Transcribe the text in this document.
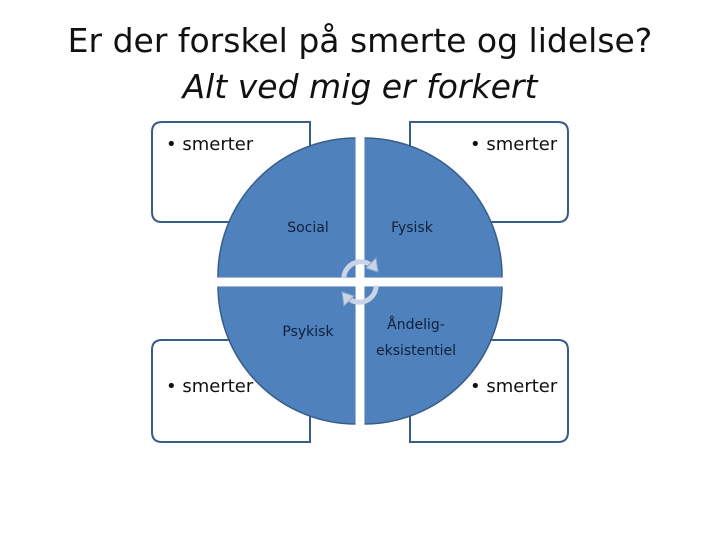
Er der forskel på smerte og lidelse?
Alt ved mig er forkert
• smerter	• smerter
• smerter	• smerter
Social	Fysisk
Psykisk	Åndelig-
eksistentiel
